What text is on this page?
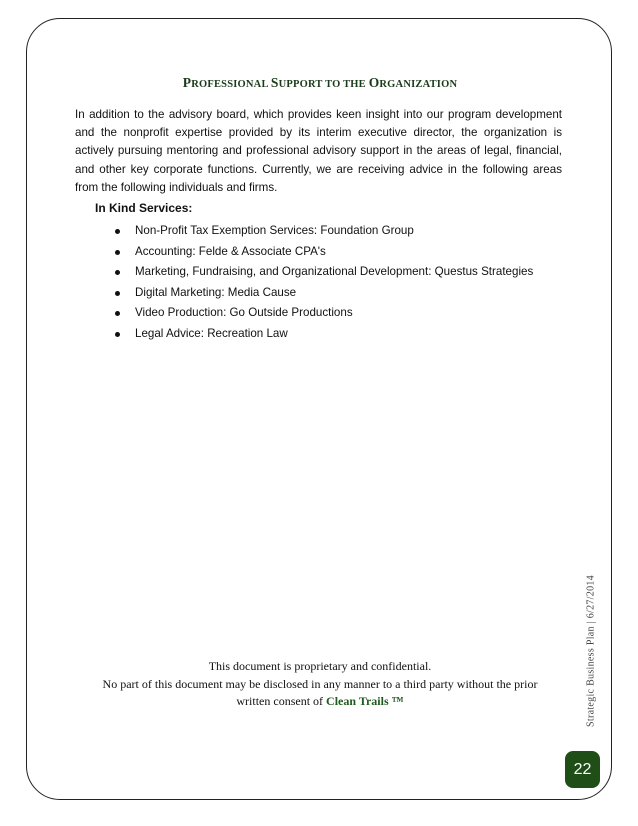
PROFESSIONAL SUPPORT TO THE ORGANIZATION

In addition to the advisory board, which provides keen insight into our program development and the nonprofit expertise provided by its interim executive director, the organization is actively pursuing mentoring and professional advisory support in the areas of legal, financial, and other key corporate functions. Currently, we are receiving advice in the following areas from the following individuals and firms.

In Kind Services:

Non-Profit Tax Exemption Services: Foundation Group
Accounting: Felde & Associate CPA's
Marketing, Fundraising, and Organizational Development: Questus Strategies
Digital Marketing: Media Cause
Video Production: Go Outside Productions
Legal Advice: Recreation Law
This document is proprietary and confidential.
No part of this document may be disclosed in any manner to a third party without the prior
written consent of Clean Trails ™	Strategic Business Plan | 6/27/2014
22
